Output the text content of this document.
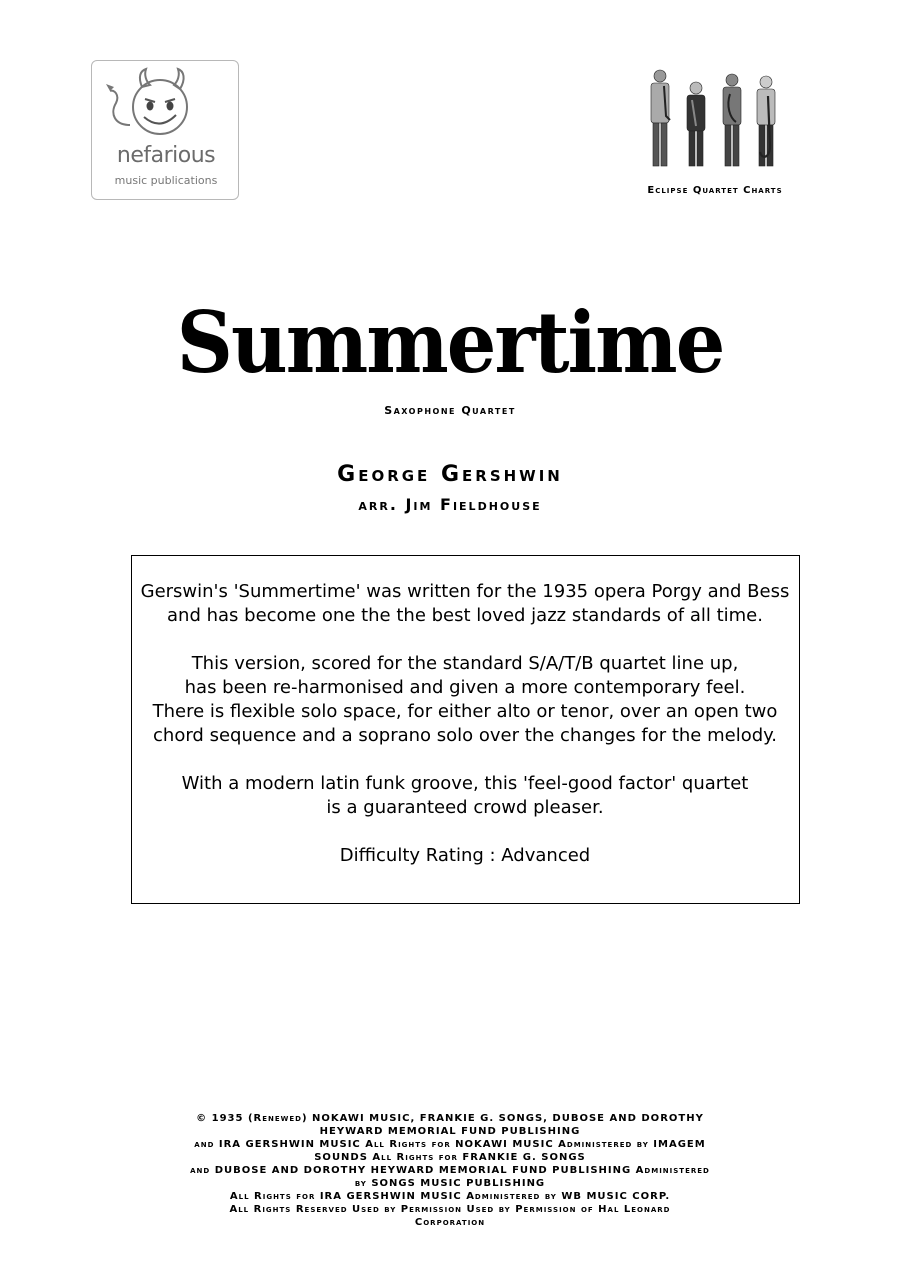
nefarious
music publications
Eclipse Quartet Charts
Summertime
Saxophone Quartet
George Gershwin
arr. Jim Fieldhouse
Gerswin's 'Summertime' was written for the 1935 opera Porgy and Bess
and has become one the the best loved jazz standards of all time.
This version, scored for the standard S/A/T/B quartet line up,
has been re-harmonised and given a more contemporary feel.
There is flexible solo space, for either alto or tenor, over an open two
chord sequence and a soprano solo over the changes for the melody.
With a modern latin funk groove, this 'feel-good factor' quartet
is a guaranteed crowd pleaser.
Difficulty Rating : Advanced
© 1935 (Renewed) NOKAWI MUSIC, FRANKIE G. SONGS, DUBOSE AND DOROTHY
HEYWARD MEMORIAL FUND PUBLISHING
and IRA GERSHWIN MUSIC All Rights for NOKAWI MUSIC Administered by IMAGEM
SOUNDS All Rights for FRANKIE G. SONGS
and DUBOSE AND DOROTHY HEYWARD MEMORIAL FUND PUBLISHING Administered
by SONGS MUSIC PUBLISHING
All Rights for IRA GERSHWIN MUSIC Administered by WB MUSIC CORP.
All Rights Reserved Used by Permission Used by Permission of Hal Leonard
Corporation
